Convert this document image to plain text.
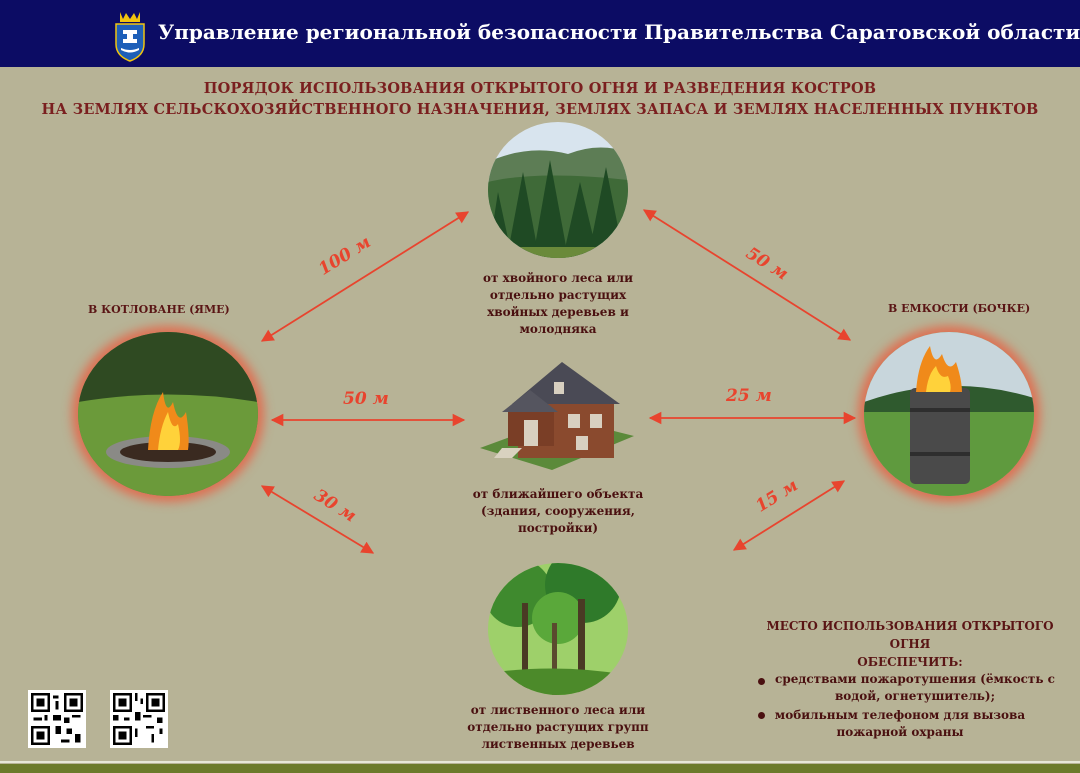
Управление региональной безопасности Правительства Саратовской области
ПОРЯДОК ИСПОЛЬЗОВАНИЯ ОТКРЫТОГО ОГНЯ И РАЗВЕДЕНИЯ КОСТРОВ
НА ЗЕМЛЯХ СЕЛЬСКОХОЗЯЙСТВЕННОГО НАЗНАЧЕНИЯ, ЗЕМЛЯХ ЗАПАСА И ЗЕМЛЯХ НАСЕЛЕННЫХ ПУНКТОВ
100 м	50 м
50 м	25 м
30 м	15 м
от хвойного леса или
отдельно растущих
хвойных деревьев и
молодняка
В КОТЛОВАНЕ (ЯМЕ)
от ближайшего объекта
(здания, сооружения,
постройки)
В ЕМКОСТИ (БОЧКЕ)
от лиственного леса или
отдельно растущих групп
лиственных деревьев
МЕСТО ИСПОЛЬЗОВАНИЯ ОТКРЫТОГО ОГНЯ
ОБЕСПЕЧИТЬ:
средствами пожаротушения (ёмкость с
водой, огнетушитель);
мобильным телефоном для вызова
пожарной охраны
